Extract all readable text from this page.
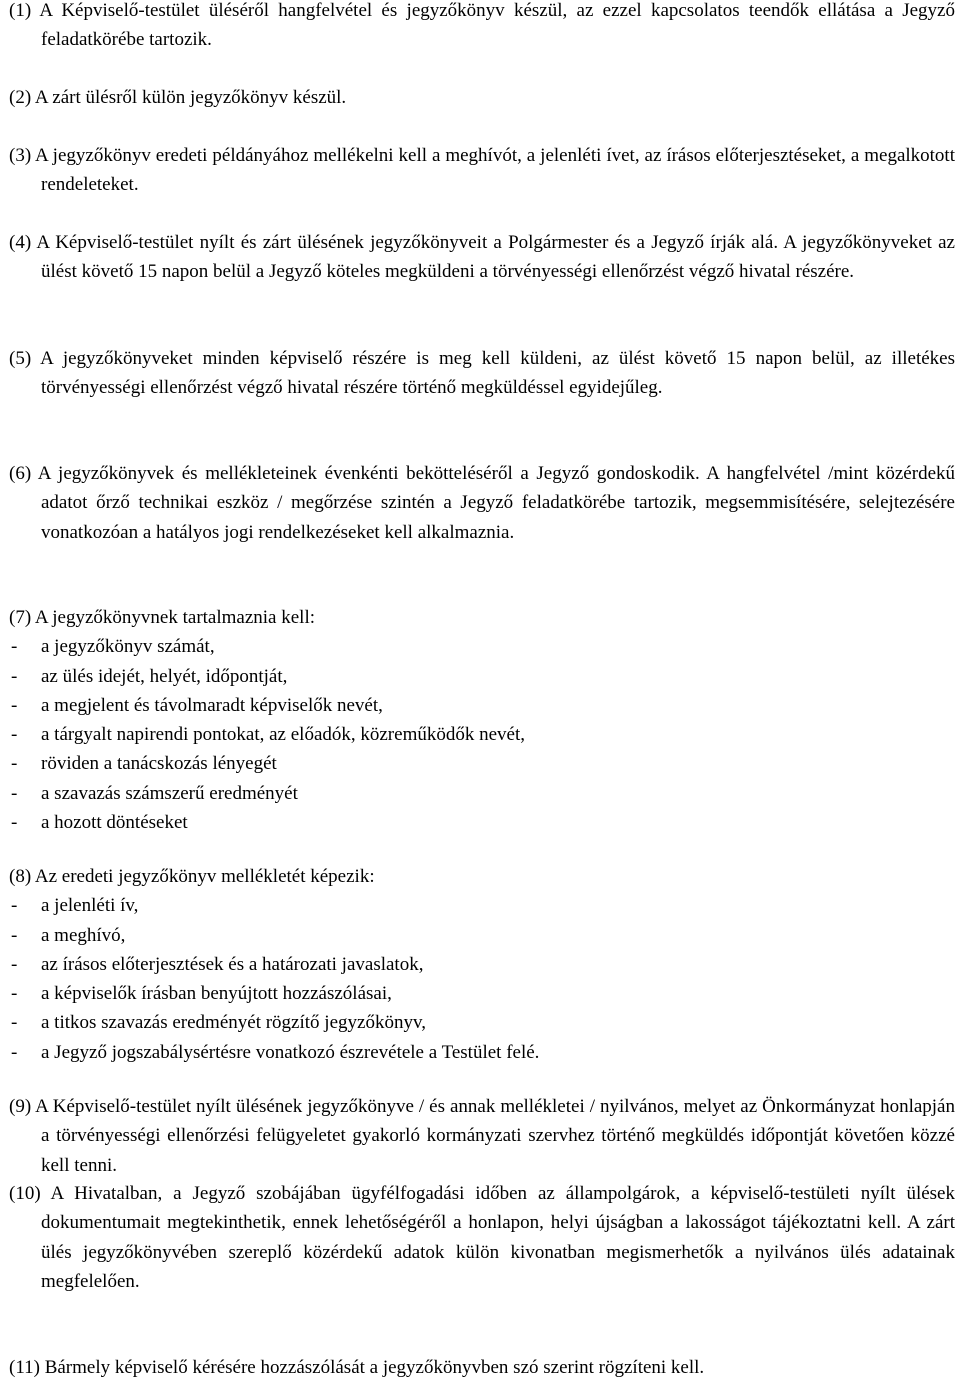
(1) A Képviselő-testület üléséről hangfelvétel és jegyzőkönyv készül, az ezzel kapcsolatos teendők ellátása a Jegyző feladatkörébe tartozik.
(2) A zárt ülésről külön jegyzőkönyv készül.
(3) A jegyzőkönyv eredeti példányához mellékelni kell a meghívót, a jelenléti ívet, az írásos előterjesztéseket, a megalkotott rendeleteket.
(4) A Képviselő-testület nyílt és zárt ülésének jegyzőkönyveit a Polgármester és a Jegyző írják alá. A jegyzőkönyveket az ülést követő 15 napon belül a Jegyző köteles megküldeni a törvényességi ellenőrzést végző hivatal részére.
(5) A jegyzőkönyveket minden képviselő részére is meg kell küldeni, az ülést követő 15 napon belül, az illetékes törvényességi ellenőrzést végző hivatal részére történő megküldéssel egyidejűleg.
(6) A jegyzőkönyvek és mellékleteinek évenkénti bekötteléséről a Jegyző gondoskodik. A hangfelvétel /mint közérdekű adatot őrző technikai eszköz / megőrzése szintén a Jegyző feladatkörébe tartozik, megsemmisítésére, selejtezésére vonatkozóan a hatályos jogi rendelkezéseket kell alkalmaznia.
(7) A jegyzőkönyvnek tartalmaznia kell:
-	a jegyzőkönyv számát,
-	az ülés idejét, helyét, időpontját,
-	a megjelent és távolmaradt képviselők nevét,
-	a tárgyalt napirendi pontokat, az előadók, közreműködők nevét,
-	röviden a tanácskozás lényegét
-	a szavazás számszerű eredményét
-	a hozott döntéseket
(8) Az eredeti jegyzőkönyv mellékletét képezik:
-	a jelenléti ív,
-	a meghívó,
-	az írásos előterjesztések és a határozati javaslatok,
-	a képviselők írásban benyújtott hozzászólásai,
-	a titkos szavazás eredményét rögzítő jegyzőkönyv,
-	a Jegyző jogszabálysértésre vonatkozó észrevétele a Testület felé.
(9) A Képviselő-testület nyílt ülésének jegyzőkönyve / és annak mellékletei / nyilvános, melyet az Önkormányzat honlapján a törvényességi ellenőrzési felügyeletet gyakorló kormányzati szervhez történő megküldés időpontját követően közzé kell tenni.
(10) A Hivatalban, a Jegyző szobájában ügyfélfogadási időben az állampolgárok, a képviselő-testületi nyílt ülések dokumentumait megtekinthetik, ennek lehetőségéről a honlapon, helyi újságban a lakosságot tájékoztatni kell. A zárt ülés jegyzőkönyvében szereplő közérdekű adatok külön kivonatban megismerhetők a nyilvános ülés adatainak megfelelően.
(11) Bármely képviselő kérésére hozzászólását a jegyzőkönyvben szó szerint rögzíteni kell.
